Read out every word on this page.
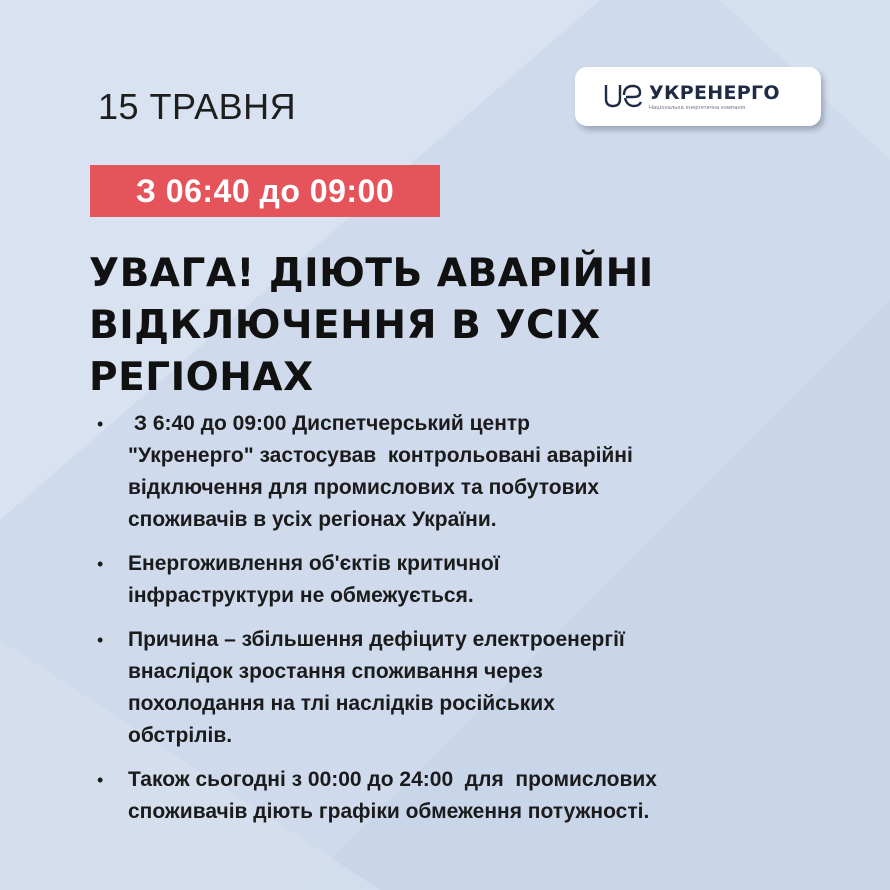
15 ТРАВНЯ	УКРЕНЕРГО
Національна енергетична компанія
З 06:40 до 09:00
УВАГА! ДІЮТЬ АВАРІЙНІ
ВІДКЛЮЧЕННЯ В УСІХ
РЕГІОНАХ
• З 6:40 до 09:00 Диспетчерський центр
"Укренерго" застосував  контрольовані аварійні
відключення для промислових та побутових
споживачів в усіх регіонах України.
• Енергоживлення об'єктів критичної
інфраструктури не обмежується.
• Причина – збільшення дефіциту електроенергії
внаслідок зростання споживання через
похолодання на тлі наслідків російських
обстрілів.
• Також сьогодні з 00:00 до 24:00  для  промислових
споживачів діють графіки обмеження потужності.
